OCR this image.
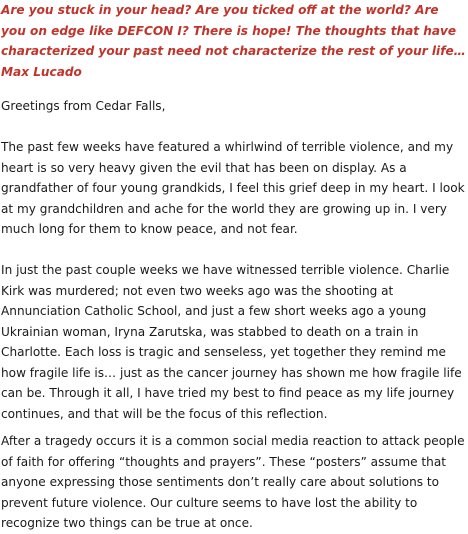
Are you stuck in your head? Are you ticked off at the world? Are you on edge like DEFCON I? There is hope! The thoughts that have characterized your past need not characterize the rest of your life… Max Lucado

Greetings from Cedar Falls,

The past few weeks have featured a whirlwind of terrible violence, and my heart is so very heavy given the evil that has been on display. As a grandfather of four young grandkids, I feel this grief deep in my heart. I look at my grandchildren and ache for the world they are growing up in. I very much long for them to know peace, and not fear.

In just the past couple weeks we have witnessed terrible violence. Charlie Kirk was murdered; not even two weeks ago was the shooting at Annunciation Catholic School, and just a few short weeks ago a young Ukrainian woman, Iryna Zarutska, was stabbed to death on a train in Charlotte. Each loss is tragic and senseless, yet together they remind me how fragile life is… just as the cancer journey has shown me how fragile life can be. Through it all, I have tried my best to find peace as my life journey continues, and that will be the focus of this reflection.

After a tragedy occurs it is a common social media reaction to attack people of faith for offering “thoughts and prayers”. These “posters” assume that anyone expressing those sentiments don’t really care about solutions to prevent future violence. Our culture seems to have lost the ability to recognize two things can be true at once.
